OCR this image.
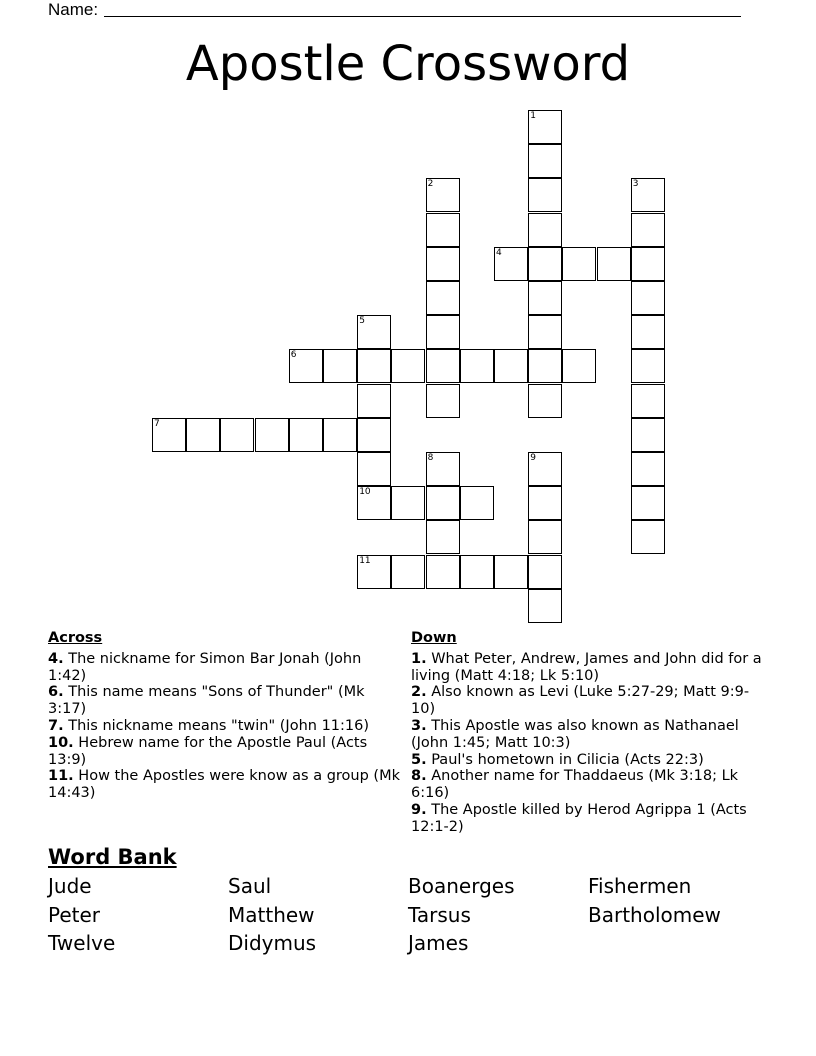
Name:
Apostle Crossword
1
2	3
4
5
10
6
7
8	9
11
Across
4. The nickname for Simon Bar Jonah (John 1:42)
6. This name means "Sons of Thunder" (Mk 3:17)
7. This nickname means "twin" (John 11:16)
10. Hebrew name for the Apostle Paul (Acts 13:9)
11. How the Apostles were know as a group (Mk 14:43)
Down
1. What Peter, Andrew, James and John did for a living (Matt 4:18; Lk 5:10)
2. Also known as Levi (Luke 5:27-29; Matt 9:9-10)
3. This Apostle was also known as Nathanael (John 1:45; Matt 10:3)
5. Paul's hometown in Cilicia (Acts 22:3)
8. Another name for Thaddaeus (Mk 3:18; Lk 6:16)
9. The Apostle killed by Herod Agrippa 1 (Acts 12:1-2)
Word Bank
Jude	Saul	Boanerges	Fishermen
Peter	Matthew	Tarsus	Bartholomew
Twelve	Didymus	James
